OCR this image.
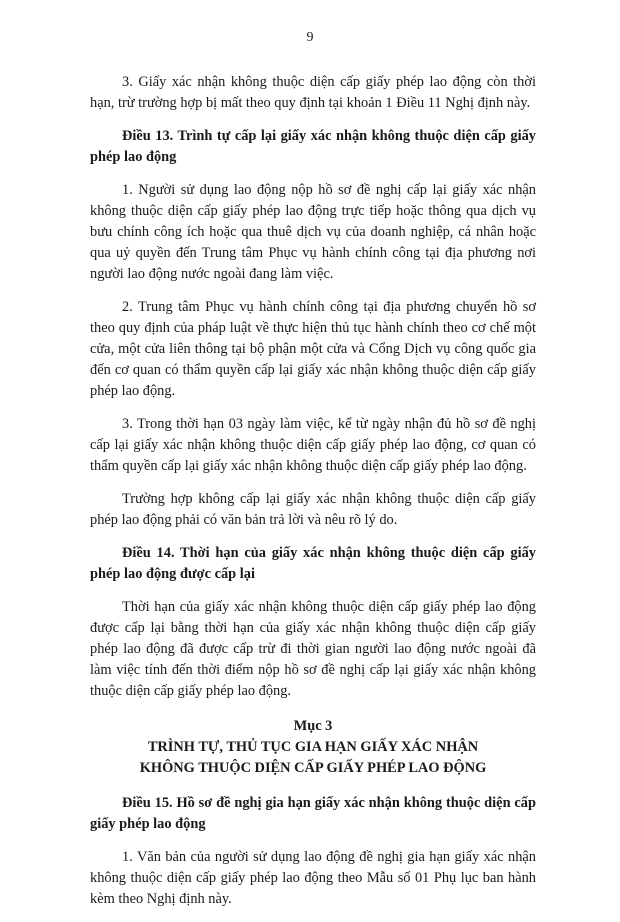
9

3. Giấy xác nhận không thuộc diện cấp giấy phép lao động còn thời hạn, trừ trường hợp bị mất theo quy định tại khoản 1 Điều 11 Nghị định này.

Điều 13. Trình tự cấp lại giấy xác nhận không thuộc diện cấp giấy phép lao động

1. Người sử dụng lao động nộp hồ sơ đề nghị cấp lại giấy xác nhận không thuộc diện cấp giấy phép lao động trực tiếp hoặc thông qua dịch vụ bưu chính công ích hoặc qua thuê dịch vụ của doanh nghiệp, cá nhân hoặc qua uỷ quyền đến Trung tâm Phục vụ hành chính công tại địa phương nơi người lao động nước ngoài đang làm việc.

2. Trung tâm Phục vụ hành chính công tại địa phương chuyển hồ sơ theo quy định của pháp luật về thực hiện thủ tục hành chính theo cơ chế một cửa, một cửa liên thông tại bộ phận một cửa và Cổng Dịch vụ công quốc gia đến cơ quan có thẩm quyền cấp lại giấy xác nhận không thuộc diện cấp giấy phép lao động.

3. Trong thời hạn 03 ngày làm việc, kể từ ngày nhận đủ hồ sơ đề nghị cấp lại giấy xác nhận không thuộc diện cấp giấy phép lao động, cơ quan có thẩm quyền cấp lại giấy xác nhận không thuộc diện cấp giấy phép lao động.

Trường hợp không cấp lại giấy xác nhận không thuộc diện cấp giấy phép lao động phải có văn bản trả lời và nêu rõ lý do.

Điều 14. Thời hạn của giấy xác nhận không thuộc diện cấp giấy phép lao động được cấp lại

Thời hạn của giấy xác nhận không thuộc diện cấp giấy phép lao động được cấp lại bằng thời hạn của giấy xác nhận không thuộc diện cấp giấy phép lao động đã được cấp trừ đi thời gian người lao động nước ngoài đã làm việc tính đến thời điểm nộp hồ sơ đề nghị cấp lại giấy xác nhận không thuộc diện cấp giấy phép lao động.

Mục 3
TRÌNH TỰ, THỦ TỤC GIA HẠN GIẤY XÁC NHẬN
KHÔNG THUỘC DIỆN CẤP GIẤY PHÉP LAO ĐỘNG
Điều 15. Hồ sơ đề nghị gia hạn giấy xác nhận không thuộc diện cấp giấy phép lao động

1. Văn bản của người sử dụng lao động đề nghị gia hạn giấy xác nhận không thuộc diện cấp giấy phép lao động theo Mẫu số 01 Phụ lục ban hành kèm theo Nghị định này.
